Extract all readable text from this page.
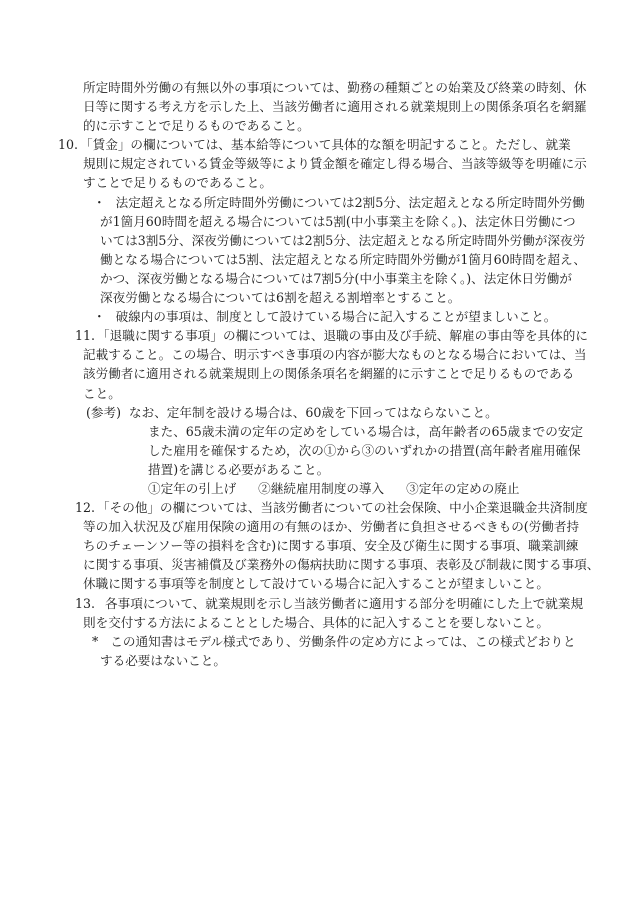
所定時間外労働の有無以外の事項については、勤務の種類ごとの始業及び終業の時刻、休
日等に関する考え方を示した上、当該労働者に適用される就業規則上の関係条項名を網羅
的に示すことで足りるものであること。
10. 「賃金」の欄については、基本給等について具体的な額を明記すること。ただし、就業
規則に規定されている賃金等級等により賃金額を確定し得る場合、当該等級等を明確に示
すことで足りるものであること。
・ 法定超えとなる所定時間外労働については2割5分、法定超えとなる所定時間外労働
が1箇月60時間を超える場合については5割(中小事業主を除く。)、法定休日労働につ
いては3割5分、深夜労働については2割5分、法定超えとなる所定時間外労働が深夜労
働となる場合については5割、法定超えとなる所定時間外労働が1箇月60時間を超え、
かつ、深夜労働となる場合については7割5分(中小事業主を除く。)、法定休日労働が
深夜労働となる場合については6割を超える割増率とすること。
・ 破線内の事項は、制度として設けている場合に記入することが望ましいこと。
11. 「退職に関する事項」の欄については、退職の事由及び手続、解雇の事由等を具体的に
記載すること。この場合、明示すべき事項の内容が膨大なものとなる場合においては、当
該労働者に適用される就業規則上の関係条項名を網羅的に示すことで足りるものである
こと。
(参考) なお、定年制を設ける場合は、60歳を下回ってはならないこと。
また、65歳未満の定年の定めをしている場合は，高年齢者の65歳までの安定
した雇用を確保するため，次の①から③のいずれかの措置(高年齢者雇用確保
措置)を講じる必要があること。
①定年の引上げ ②継続雇用制度の導入 ③定年の定めの廃止
12. 「その他」の欄については、当該労働者についての社会保険、中小企業退職金共済制度
等の加入状況及び雇用保険の適用の有無のほか、労働者に負担させるべきもの(労働者持
ちのチェーンソー等の損料を含む)に関する事項、安全及び衛生に関する事項、職業訓練
に関する事項、災害補償及び業務外の傷病扶助に関する事項、表彰及び制裁に関する事項、
休職に関する事項等を制度として設けている場合に記入することが望ましいこと。
13. 各事項について、就業規則を示し当該労働者に適用する部分を明確にした上で就業規
則を交付する方法によることとした場合、具体的に記入することを要しないこと。
* この通知書はモデル様式であり、労働条件の定め方によっては、この様式どおりと
する必要はないこと。
